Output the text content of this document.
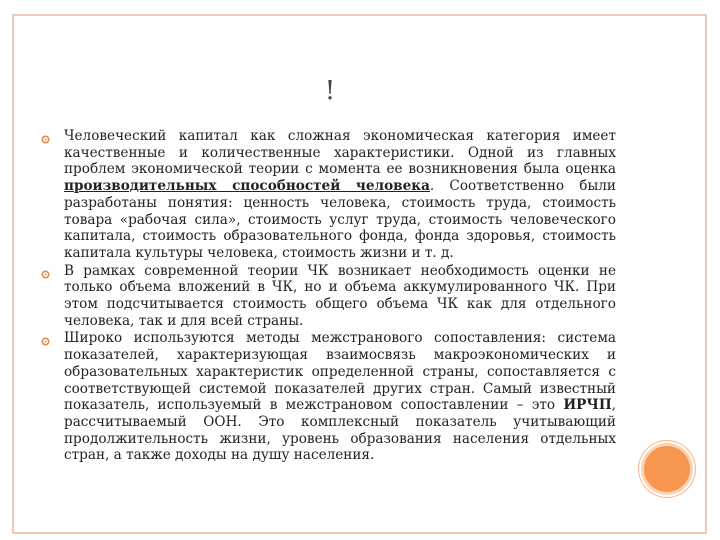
!
Человеческий капитал как сложная экономическая категория имеет качественные и количественные характеристики. Одной из главных проблем экономической теории с момента ее возникновения была оценка производительных способностей человека. Соответственно были разработаны понятия: ценность человека, стоимость труда, стоимость товара «рабочая сила», стоимость услуг труда, стоимость человеческого капитала, стоимость образовательного фонда, фонда здоровья, стоимость капитала культуры человека, стоимость жизни и т. д.
В рамках современной теории ЧК возникает необходимость оценки не только объема вложений в ЧК, но и объема аккумулированного ЧК. При этом подсчитывается стоимость общего объема ЧК как для отдельного человека, так и для всей страны.
Широко используются методы межстранового сопоставления: система показателей, характеризующая взаимосвязь макроэкономических и образовательных характеристик определенной страны, сопоставляется с соответствующей системой показателей других стран. Самый известный показатель, используемый в межстрановом сопоставлении – это ИРЧП, рассчитываемый ООН. Это комплексный показатель учитывающий продолжительность жизни, уровень образования населения отдельных стран, а также доходы на душу населения.
